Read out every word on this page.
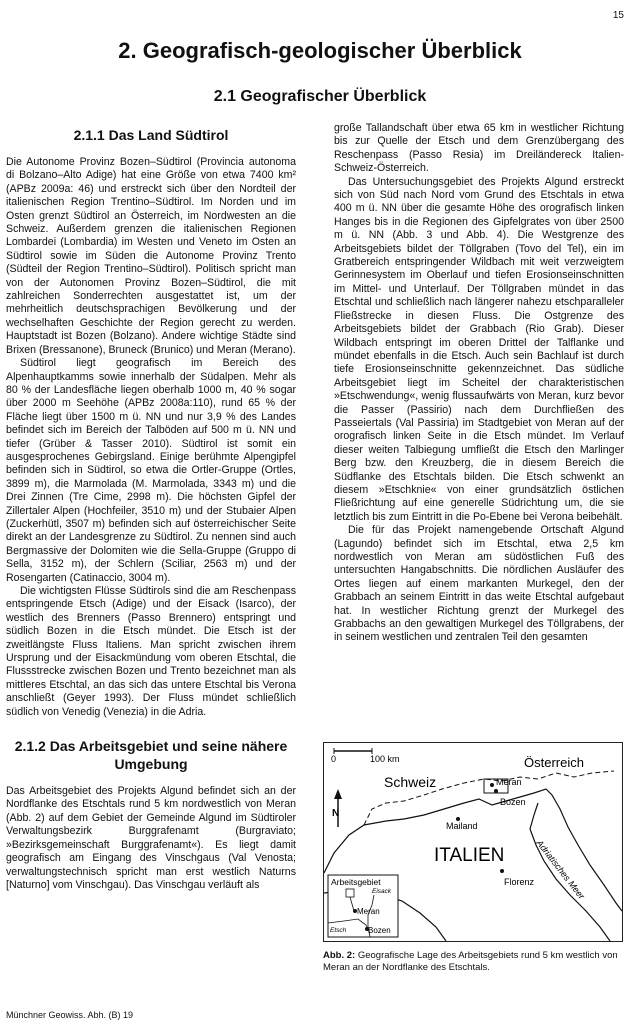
15
2. Geografisch-geologischer Überblick
2.1 Geografischer Überblick
2.1.1 Das Land Südtirol

Die Autonome Provinz Bozen–Südtirol (Provincia autonoma di Bolzano–Alto Adige) hat eine Größe von etwa 7400 km² (APBz 2009a: 46) und erstreckt sich über den Nordteil der italienischen Region Trentino–Südtirol. Im Norden und im Osten grenzt Südtirol an Österreich, im Nordwesten an die Schweiz. Außerdem grenzen die italienischen Regionen Lombardei (Lombardia) im Westen und Veneto im Osten an Südtirol sowie im Süden die Autonome Provinz Trento (Südteil der Region Trentino–Südtirol). Politisch spricht man von der Autonomen Provinz Bozen–Südtirol, die mit zahlreichen Sonderrechten ausgestattet ist, um der mehrheitlich deutschsprachigen Bevölkerung und der wechselhaften Geschichte der Region gerecht zu werden. Hauptstadt ist Bozen (Bolzano). Andere wichtige Städte sind Brixen (Bressanone), Bruneck (Brunico) und Meran (Merano).

Südtirol liegt geografisch im Bereich des Alpenhauptkamms sowie innerhalb der Südalpen. Mehr als 80 % der Landesfläche liegen oberhalb 1000 m, 40 % sogar über 2000 m Seehöhe (APBz 2008a:110), rund 65 % der Fläche liegt über 1500 m ü. NN und nur 3,9 % des Landes befindet sich im Bereich der Talböden auf 500 m ü. NN und tiefer (Grüber & Tasser 2010). Südtirol ist somit ein ausgesprochenes Gebirgsland. Einige berühmte Alpengipfel befinden sich in Südtirol, so etwa die Ortler-Gruppe (Ortles, 3899 m), die Marmolada (M. Marmolada, 3343 m) und die Drei Zinnen (Tre Cime, 2998 m). Die höchsten Gipfel der Zillertaler Alpen (Hochfeiler, 3510 m) und der Stubaier Alpen (Zuckerhütl, 3507 m) befinden sich auf österreichischer Seite direkt an der Landesgrenze zu Südtirol. Zu nennen sind auch Bergmassive der Dolomiten wie die Sella-Gruppe (Gruppo di Sella, 3152 m), der Schlern (Sciliar, 2563 m) und der Rosengarten (Catinaccio, 3004 m).

Die wichtigsten Flüsse Südtirols sind die am Reschenpass entspringende Etsch (Adige) und der Eisack (Isarco), der westlich des Brenners (Passo Brennero) entspringt und südlich Bozen in die Etsch mündet. Die Etsch ist der zweitlängste Fluss Italiens. Man spricht zwischen ihrem Ursprung und der Eisackmündung vom oberen Etschtal, die Flussstrecke zwischen Bozen und Trento bezeichnet man als mittleres Etschtal, an das sich das untere Etschtal bis Verona anschließt (Geyer 1993). Der Fluss mündet schließlich südlich von Venedig (Venezia) in die Adria.

2.1.2 Das Arbeitsgebiet und seine nähere Umgebung

Das Arbeitsgebiet des Projekts Algund befindet sich an der Nordflanke des Etschtals rund 5 km nordwestlich von Meran (Abb. 2) auf dem Gebiet der Gemeinde Algund im Südtiroler Verwaltungsbezirk Burggrafenamt (Burgraviato; »Bezirksgemeinschaft Burggrafenamt«). Es liegt damit geografisch am Eingang des Vinschgaus (Val Venosta; verwaltungstechnisch spricht man erst westlich Naturns [Naturno] vom Vinschgau). Das Vinschgau verläuft als

große Tallandschaft über etwa 65 km in westlicher Richtung bis zur Quelle der Etsch und dem Grenzübergang des Reschenpass (Passo Resia) im Dreiländereck Italien-Schweiz-Österreich.

Das Untersuchungsgebiet des Projekts Algund erstreckt sich von Süd nach Nord vom Grund des Etschtals in etwa 400 m ü. NN über die gesamte Höhe des orografisch linken Hanges bis in die Regionen des Gipfelgrates von über 2500 m ü. NN (Abb. 3 und Abb. 4). Die Westgrenze des Arbeitsgebiets bildet der Töllgraben (Tovo del Tel), ein im Gratbereich entspringender Wildbach mit weit verzweigtem Gerinnesystem im Oberlauf und tiefen Erosionseinschnitten im Mittel- und Unterlauf. Der Töllgraben mündet in das Etschtal und schließlich nach längerer nahezu etschparalleler Fließstrecke in diesen Fluss. Die Ostgrenze des Arbeitsgebiets bildet der Grabbach (Rio Grab). Dieser Wildbach entspringt im oberen Drittel der Talflanke und mündet ebenfalls in die Etsch. Auch sein Bachlauf ist durch tiefe Erosionseinschnitte gekennzeichnet. Das südliche Arbeitsgebiet liegt im Scheitel der charakteristischen »Etschwendung«, wenig flussaufwärts von Meran, kurz bevor die Passer (Passirio) nach dem Durchfließen des Passeiertals (Val Passiria) im Stadtgebiet von Meran auf der orografisch linken Seite in die Etsch mündet. Im Verlauf dieser weiten Talbiegung umfließt die Etsch den Marlinger Berg bzw. den Kreuzberg, die in diesem Bereich die Südflanke des Etschtals bilden. Die Etsch schwenkt an diesem »Etschknie« von einer grundsätzlich östlichen Fließrichtung auf eine generelle Südrichtung um, die sie letztlich bis zum Eintritt in die Po-Ebene bei Verona beibehält.

Die für das Projekt namengebende Ortschaft Algund (Lagundo) befindet sich im Etschtal, etwa 2,5 km nordwestlich von Meran am südöstlichen Fuß des untersuchten Hangabschnitts. Die nördlichen Ausläufer des Ortes liegen auf einem markanten Murkegel, den der Grabbach an seinem Eintritt in das weite Etschtal aufgebaut hat. In westlicher Richtung grenzt der Murkegel des Grabbachs an den gewaltigen Murkegel des Töllgrabens, der in seinem westlichen und zentralen Teil den gesamten

0	100 km
N
Schweiz
Österreich
Meran
Bozen
Mailand
ITALIEN
Florenz Adriatisches Meer
Arbeitsgebiet
Eisack
Meran
Etsch	Bozen
Abb. 2: Geografische Lage des Arbeitsgebiets rund 5 km westlich von Meran an der Nordflanke des Etschtals.
Münchner Geowiss. Abh. (B) 19
